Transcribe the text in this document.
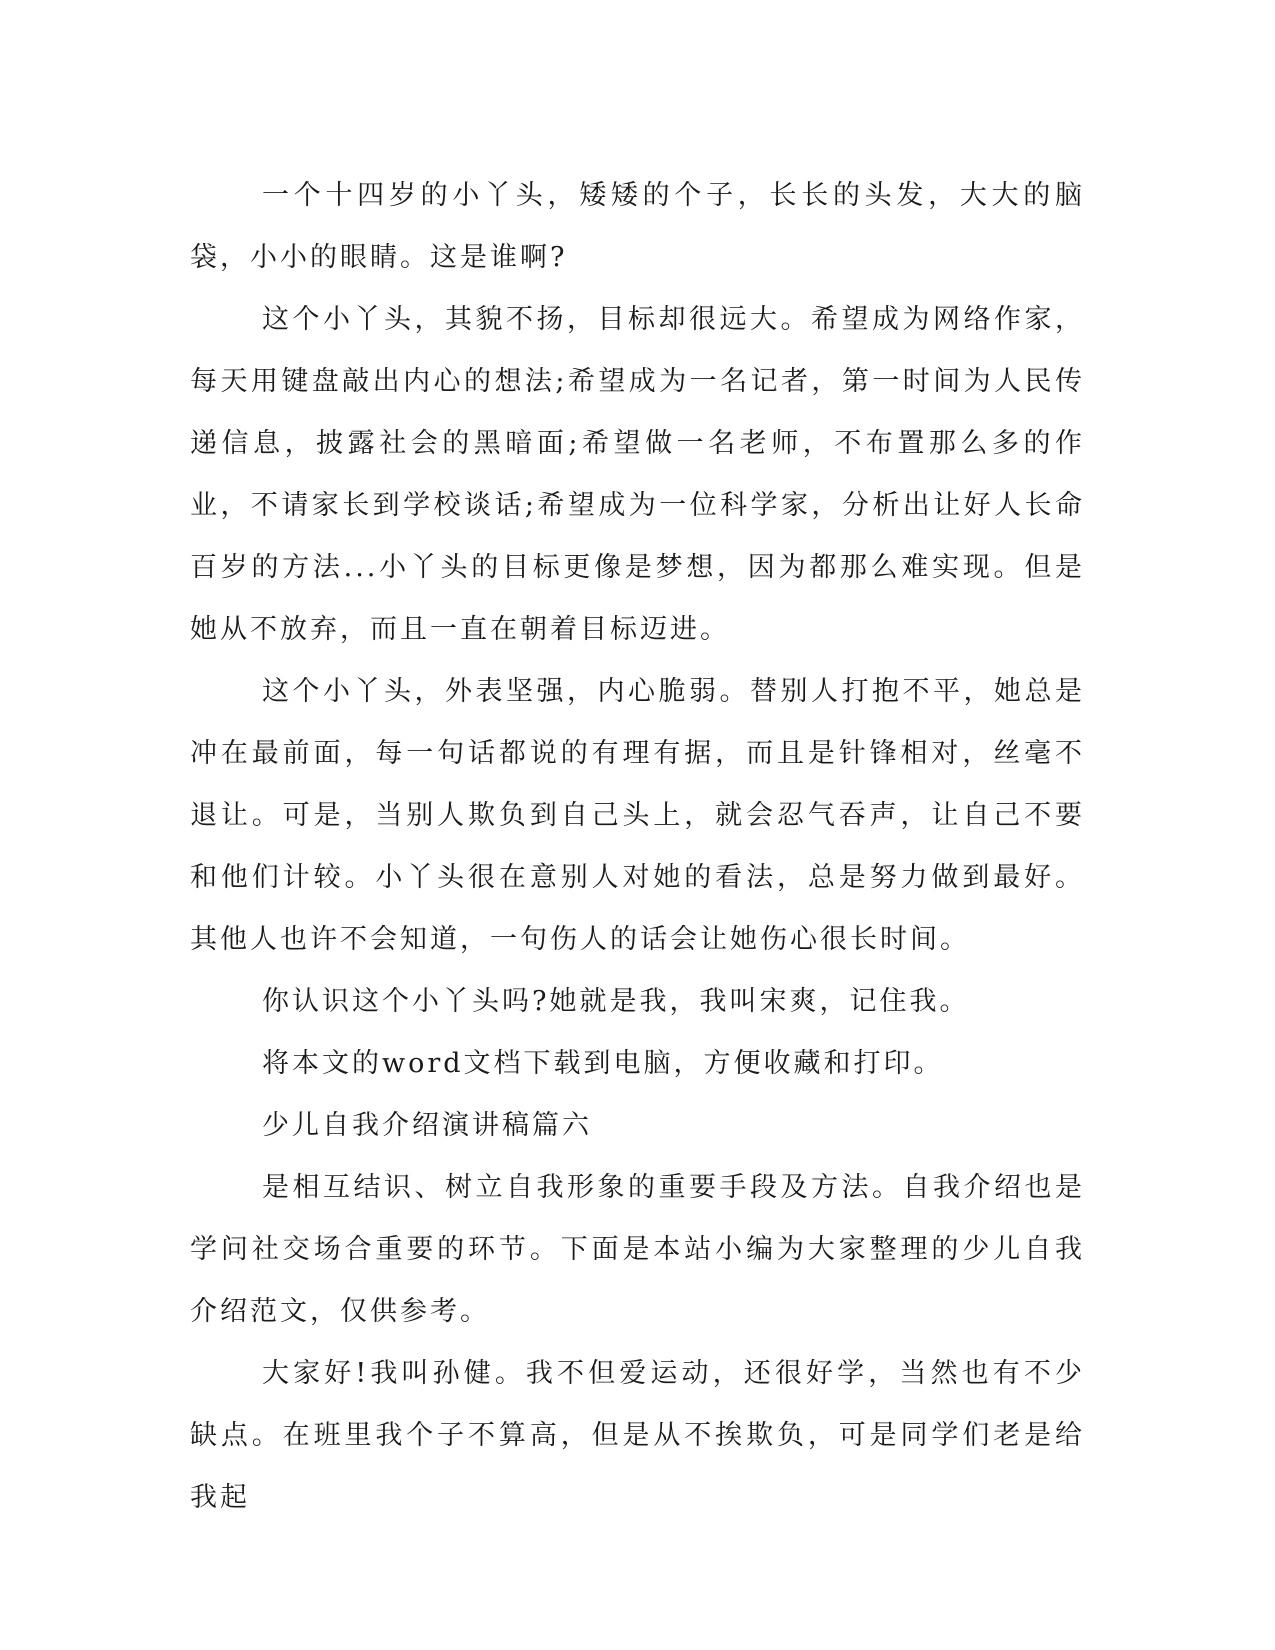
一个十四岁的小丫头，矮矮的个子，长长的头发，大大的脑袋，小小的眼睛。这是谁啊?

这个小丫头，其貌不扬，目标却很远大。希望成为网络作家，每天用键盘敲出内心的想法;希望成为一名记者，第一时间为人民传递信息，披露社会的黑暗面;希望做一名老师，不布置那么多的作业，不请家长到学校谈话;希望成为一位科学家，分析出让好人长命百岁的方法...小丫头的目标更像是梦想，因为都那么难实现。但是她从不放弃，而且一直在朝着目标迈进。

这个小丫头，外表坚强，内心脆弱。替别人打抱不平，她总是冲在最前面，每一句话都说的有理有据，而且是针锋相对，丝毫不退让。可是，当别人欺负到自己头上，就会忍气吞声，让自己不要和他们计较。小丫头很在意别人对她的看法，总是努力做到最好。其他人也许不会知道，一句伤人的话会让她伤心很长时间。

你认识这个小丫头吗?她就是我，我叫宋爽，记住我。

将本文的word文档下载到电脑，方便收藏和打印。

少儿自我介绍演讲稿篇六

是相互结识、树立自我形象的重要手段及方法。自我介绍也是学问社交场合重要的环节。下面是本站小编为大家整理的少儿自我介绍范文，仅供参考。

大家好!我叫孙健。我不但爱运动，还很好学，当然也有不少缺点。在班里我个子不算高，但是从不挨欺负，可是同学们老是给我起
